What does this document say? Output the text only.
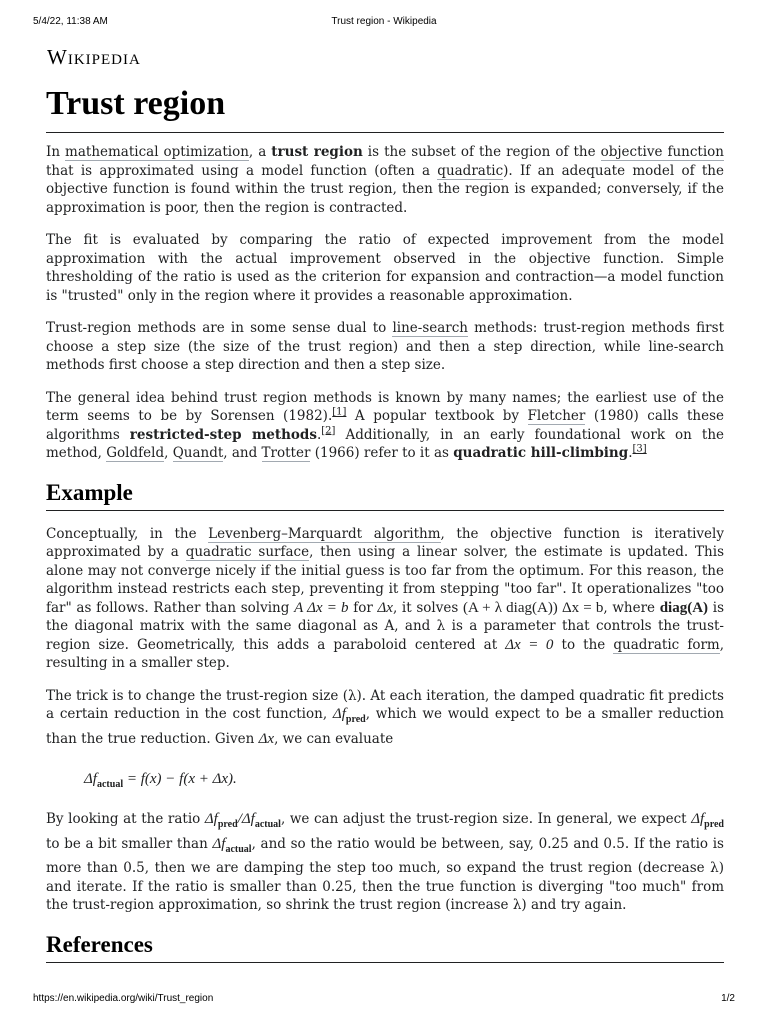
5/4/22, 11:38 AM	Trust region - Wikipedia
Wikipedia
Trust region

In mathematical optimization, a trust region is the subset of the region of the objective function that is approximated using a model function (often a quadratic). If an adequate model of the objective function is found within the trust region, then the region is expanded; conversely, if the approximation is poor, then the region is contracted.

The fit is evaluated by comparing the ratio of expected improvement from the model approximation with the actual improvement observed in the objective function. Simple thresholding of the ratio is used as the criterion for expansion and contraction—a model function is "trusted" only in the region where it provides a reasonable approximation.

Trust-region methods are in some sense dual to line-search methods: trust-region methods first choose a step size (the size of the trust region) and then a step direction, while line-search methods first choose a step direction and then a step size.

The general idea behind trust region methods is known by many names; the earliest use of the term seems to be by Sorensen (1982).[1] A popular textbook by Fletcher (1980) calls these algorithms restricted-step methods.[2] Additionally, in an early foundational work on the method, Goldfeld, Quandt, and Trotter (1966) refer to it as quadratic hill-climbing.[3]

Example

Conceptually, in the Levenberg–Marquardt algorithm, the objective function is iteratively approximated by a quadratic surface, then using a linear solver, the estimate is updated. This alone may not converge nicely if the initial guess is too far from the optimum. For this reason, the algorithm instead restricts each step, preventing it from stepping "too far". It operationalizes "too far" as follows. Rather than solving A Δx = b for Δx, it solves (A + λ diag(A)) Δx = b, where diag(A) is the diagonal matrix with the same diagonal as A, and λ is a parameter that controls the trust-region size. Geometrically, this adds a paraboloid centered at Δx = 0 to the quadratic form, resulting in a smaller step.

The trick is to change the trust-region size (λ). At each iteration, the damped quadratic fit predicts a certain reduction in the cost function, $\Delta f_{pred}$, which we would expect to be a smaller reduction than the true reduction. Given Δx, we can evaluate

$\Delta f_{actual} = f(x) - f(x + \Delta x)$.

By looking at the ratio $\Delta f_{pred}/\Delta f_{actual}$, we can adjust the trust-region size. In general, we expect $\Delta f_{pred}$ to be a bit smaller than $\Delta f_{actual}$, and so the ratio would be between, say, 0.25 and 0.5. If the ratio is more than 0.5, then we are damping the step too much, so expand the trust region (decrease λ) and iterate. If the ratio is smaller than 0.25, then the true function is diverging "too much" from the trust-region approximation, so shrink the trust region (increase λ) and try again.

References
https://en.wikipedia.org/wiki/Trust_region	1/2
